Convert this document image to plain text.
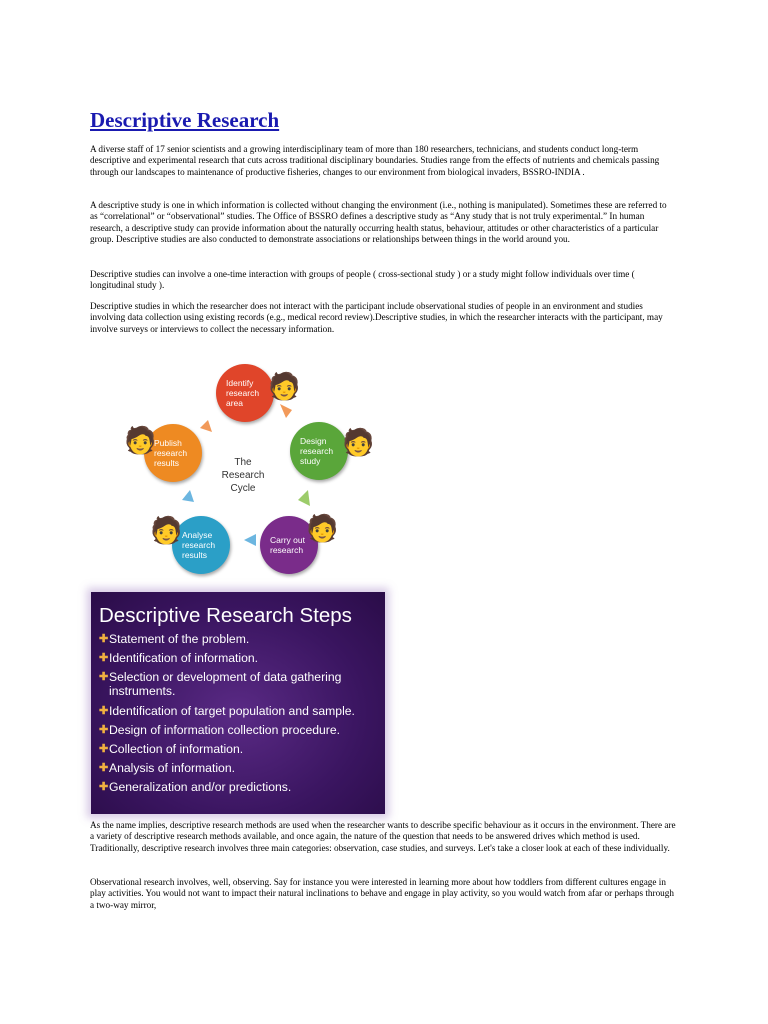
Descriptive Research

A diverse staff of 17 senior scientists and a growing interdisciplinary team of more than 180 researchers, technicians, and students conduct long-term descriptive and experimental research that cuts across traditional disciplinary boundaries. Studies range from the effects of nutrients and chemicals passing through our landscapes to maintenance of productive fisheries, changes to our environment from biological invaders, BSSRO-INDIA .

A descriptive study is one in which information is collected without changing the environment (i.e., nothing is manipulated). Sometimes these are referred to as “correlational” or “observational” studies. The Office of BSSRO defines a descriptive study as “Any study that is not truly experimental.” In human research, a descriptive study can provide information about the naturally occurring health status, behaviour, attitudes or other characteristics of a particular group. Descriptive studies are also conducted to demonstrate associations or relationships between things in the world around you.

Descriptive studies can involve a one-time interaction with groups of people ( cross-sectional study ) or a study might follow individuals over time ( longitudinal study ).

Descriptive studies in which the researcher does not interact with the participant include observational studies of people in an environment and studies involving data collection using existing records (e.g., medical record review).Descriptive studies, in which the researcher interacts with the participant, may involve surveys or interviews to collect the necessary information.

Identify
research
area
Design
research
study
Carry out
research
Analyse
research
results
Publish
research
results	The
Research
Cycle
🧑
🧑
🧑
🧑
🧑
Descriptive Research Steps
✚ Statement of the problem.
✚ Identification of information.
✚ Selection or development of data gathering instruments.
✚ Identification of target population and sample.
✚ Design of information collection procedure.
✚ Collection of information.
✚ Analysis of information.
✚ Generalization and/or predictions.

As the name implies, descriptive research methods are used when the researcher wants to describe specific behaviour as it occurs in the environment. There are a variety of descriptive research methods available, and once again, the nature of the question that needs to be answered drives which method is used. Traditionally, descriptive research involves three main categories: observation, case studies, and surveys. Let's take a closer look at each of these individually.

Observational research involves, well, observing. Say for instance you were interested in learning more about how toddlers from different cultures engage in play activities. You would not want to impact their natural inclinations to behave and engage in play activity, so you would watch from afar or perhaps through a two-way mirror,
